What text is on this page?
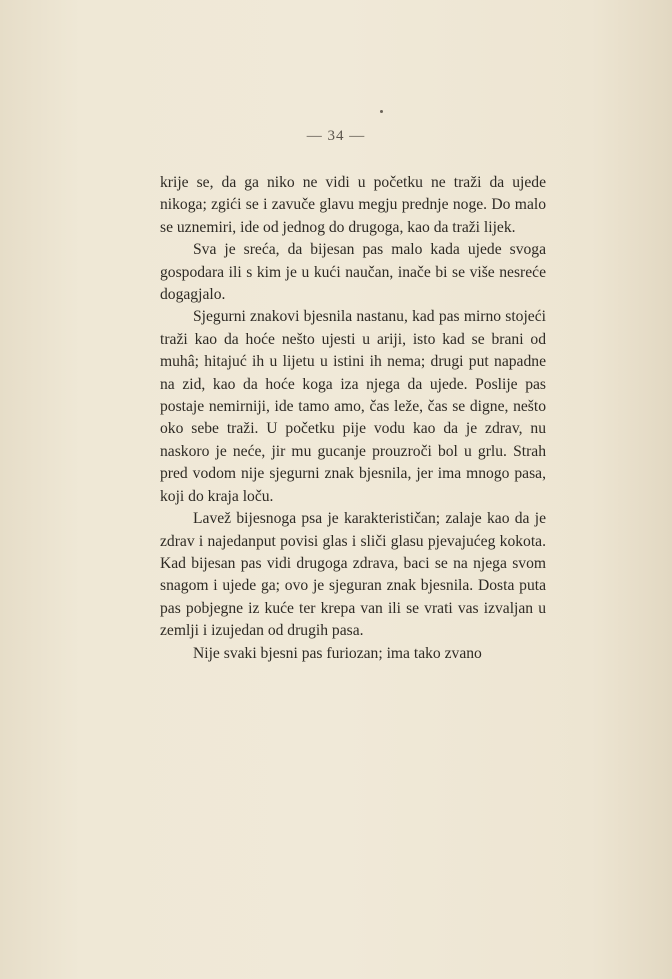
— 34 —

krije se, da ga niko ne vidi u početku ne traži da ujede nikoga; zgići se i zavuče glavu megju prednje noge. Do malo se uznemiri, ide od jednog do drugoga, kao da traži lijek.

Sva je sreća, da bijesan pas malo kada ujede svoga gospodara ili s kim je u kući naučan, inače bi se više nesreće dogagjalo.

Sjegurni znakovi bjesnila nastanu, kad pas mirno stojeći traži kao da hoće nešto ujesti u ariji, isto kad se brani od muhâ; hitajuć ih u lijetu u istini ih nema; drugi put napadne na zid, kao da hoće koga iza njega da ujede. Poslije pas postaje nemirniji, ide tamo amo, čas leže, čas se digne, nešto oko sebe traži. U početku pije vodu kao da je zdrav, nu naskoro je neće, jir mu gucanje prouzroči bol u grlu. Strah pred vodom nije sjegurni znak bjesnila, jer ima mnogo pasa, koji do kraja loču.

Lavež bijesnoga psa je karakterističan; zalaje kao da je zdrav i najedanput povisi glas i sliči glasu pjevajućeg kokota. Kad bijesan pas vidi drugoga zdrava, baci se na njega svom snagom i ujede ga; ovo je sjeguran znak bjesnila. Dosta puta pas pobjegne iz kuće ter krepa van ili se vrati vas izvaljan u zemlji i izujedan od drugih pasa.

Nije svaki bjesni pas furiozan; ima tako zvano
